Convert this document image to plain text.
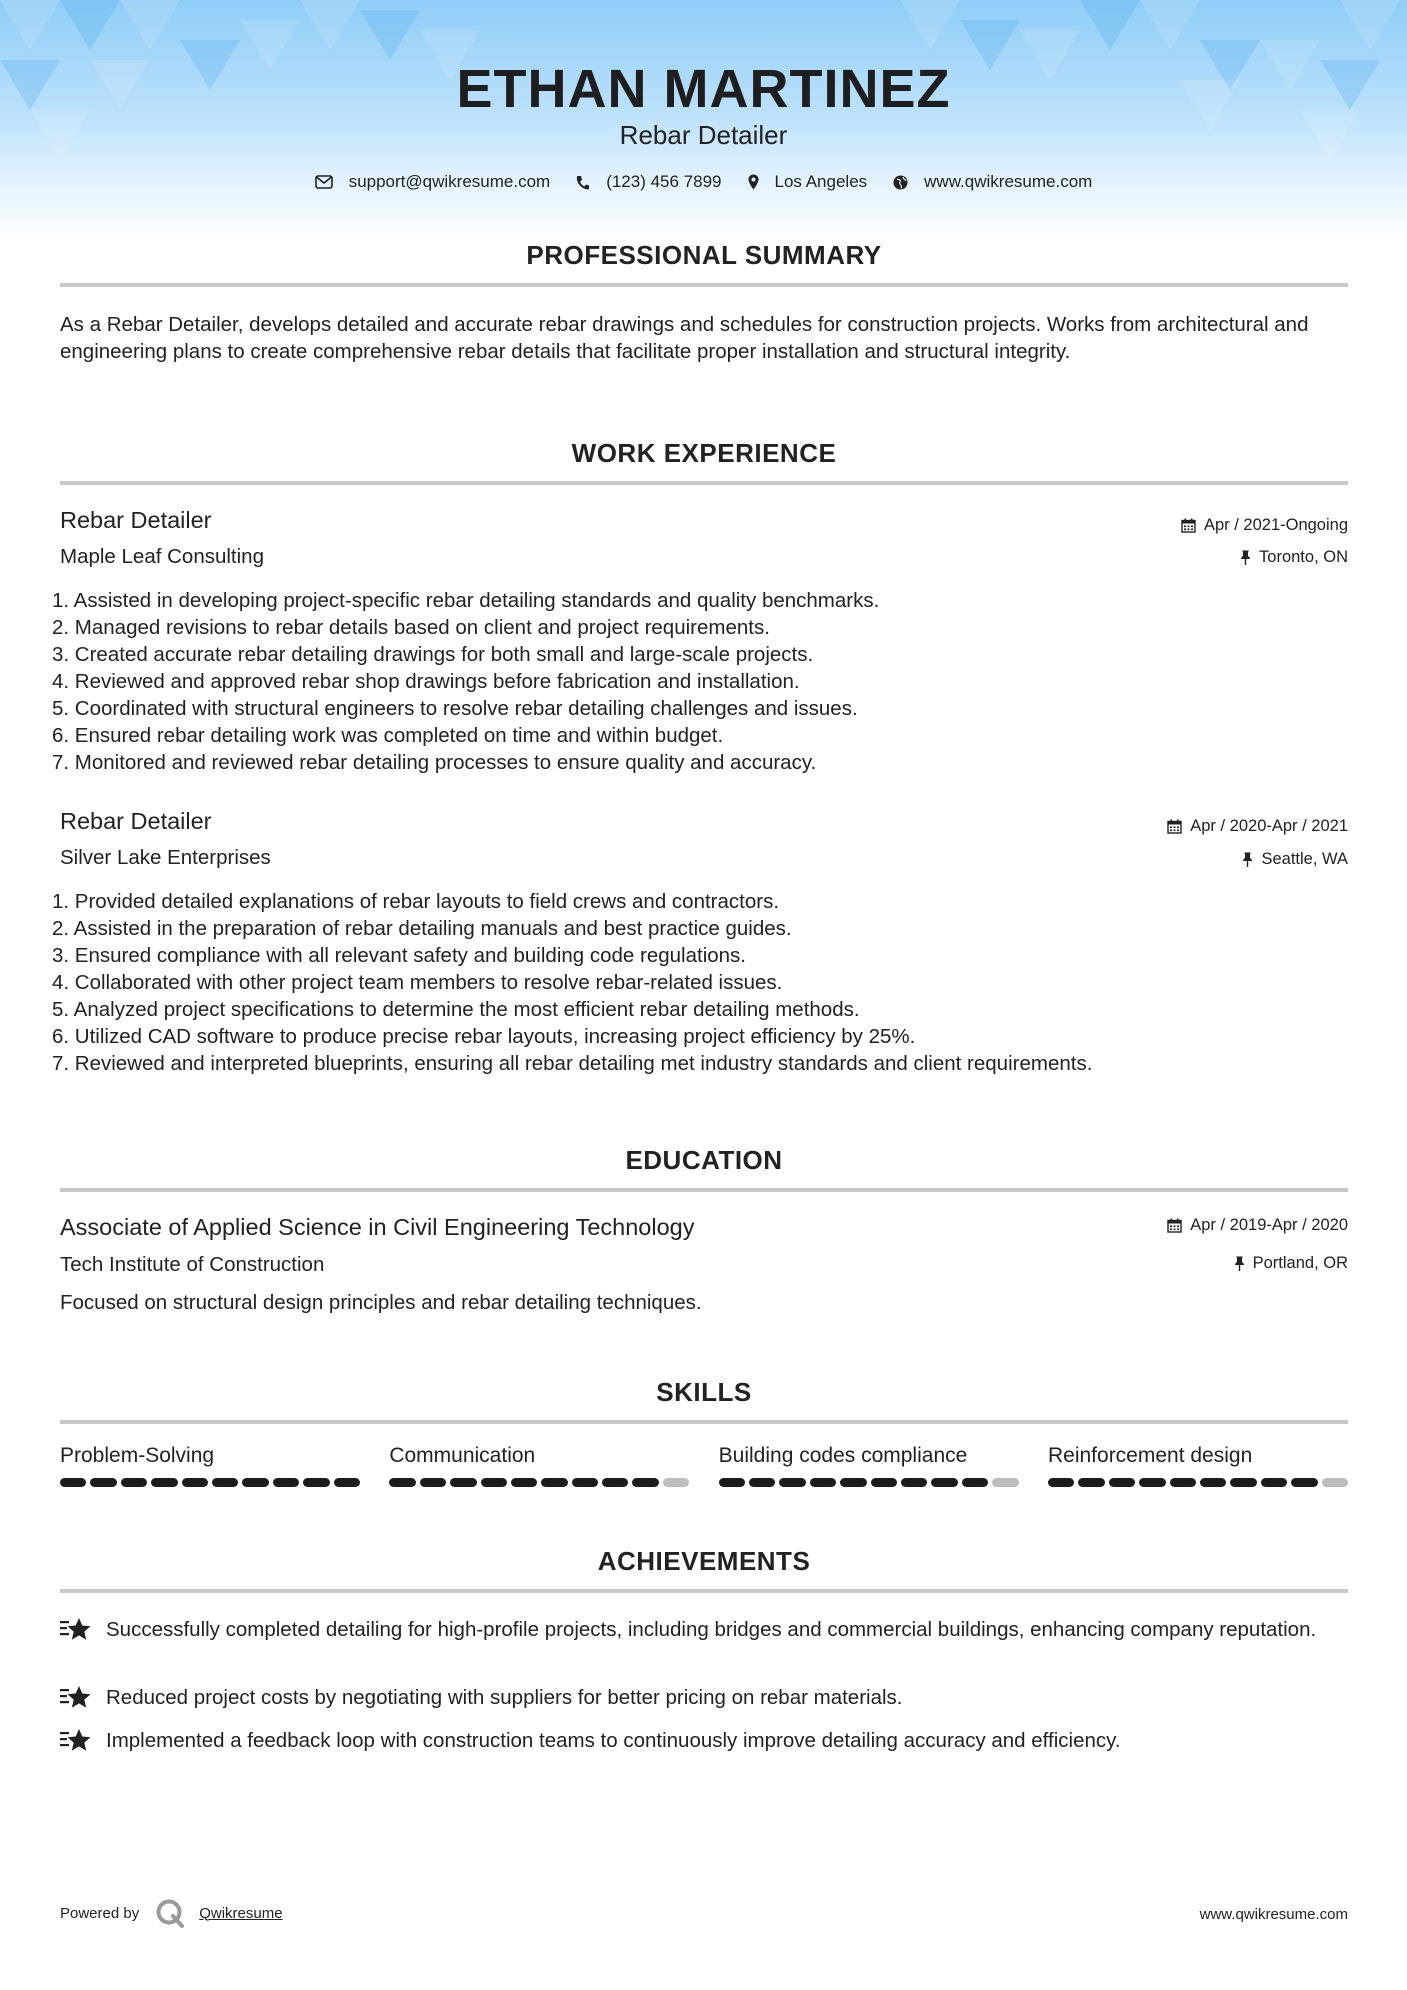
ETHAN MARTINEZ
Rebar Detailer
support@qwikresume.com	(123) 456 7899	Los Angeles	www.qwikresume.com
PROFESSIONAL SUMMARY
As a Rebar Detailer, develops detailed and accurate rebar drawings and schedules for construction projects. Works from architectural and engineering plans to create comprehensive rebar details that facilitate proper installation and structural integrity.
WORK EXPERIENCE
Rebar Detailer	Apr / 2021-Ongoing
Maple Leaf Consulting	Toronto, ON
1. Assisted in developing project-specific rebar detailing standards and quality benchmarks.
2. Managed revisions to rebar details based on client and project requirements.
3. Created accurate rebar detailing drawings for both small and large-scale projects.
4. Reviewed and approved rebar shop drawings before fabrication and installation.
5. Coordinated with structural engineers to resolve rebar detailing challenges and issues.
6. Ensured rebar detailing work was completed on time and within budget.
7. Monitored and reviewed rebar detailing processes to ensure quality and accuracy.
Rebar Detailer	Apr / 2020-Apr / 2021
Silver Lake Enterprises	Seattle, WA
1. Provided detailed explanations of rebar layouts to field crews and contractors.
2. Assisted in the preparation of rebar detailing manuals and best practice guides.
3. Ensured compliance with all relevant safety and building code regulations.
4. Collaborated with other project team members to resolve rebar-related issues.
5. Analyzed project specifications to determine the most efficient rebar detailing methods.
6. Utilized CAD software to produce precise rebar layouts, increasing project efficiency by 25%.
7. Reviewed and interpreted blueprints, ensuring all rebar detailing met industry standards and client requirements.
EDUCATION
Associate of Applied Science in Civil Engineering Technology	Apr / 2019-Apr / 2020
Tech Institute of Construction	Portland, OR
Focused on structural design principles and rebar detailing techniques.
SKILLS
Problem-Solving	Communication	Building codes compliance	Reinforcement design
ACHIEVEMENTS
Successfully completed detailing for high-profile projects, including bridges and commercial buildings, enhancing company reputation.
Reduced project costs by negotiating with suppliers for better pricing on rebar materials.
Implemented a feedback loop with construction teams to continuously improve detailing accuracy and efficiency.
Powered by	Qwikresume	www.qwikresume.com
